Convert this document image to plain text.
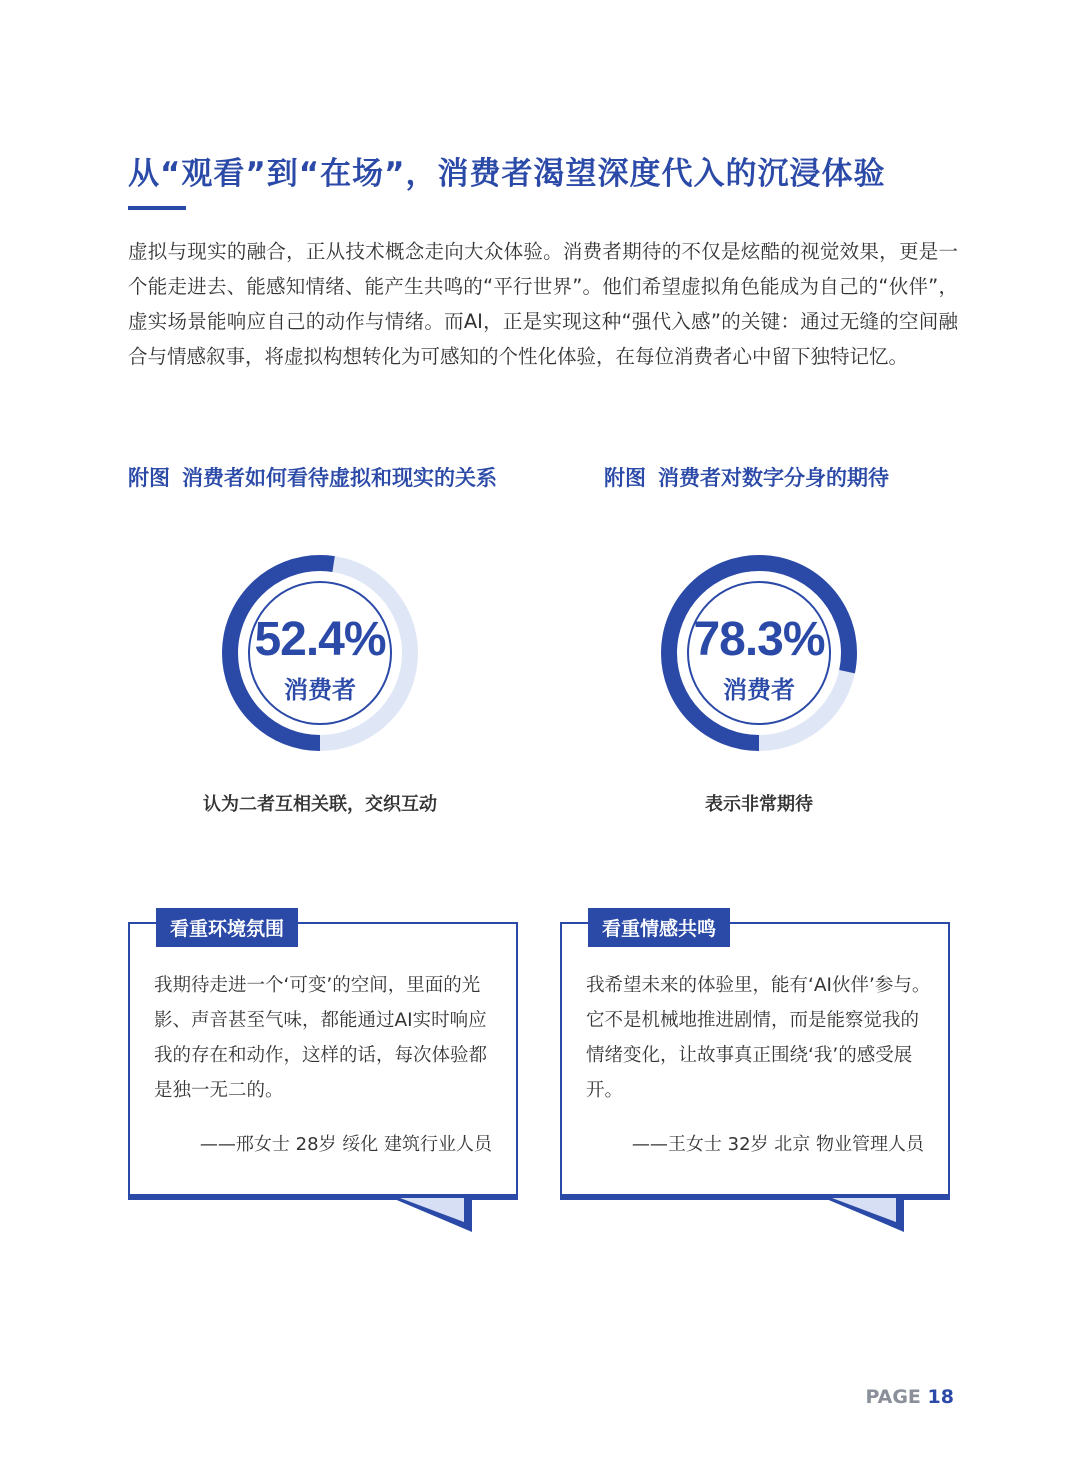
从“观看”到“在场”，消费者渴望深度代入的沉浸体验
虚拟与现实的融合，正从技术概念走向大众体验。消费者期待的不仅是炫酷的视觉效果，更是一个能走进去、能感知情绪、能产生共鸣的“平行世界”。他们希望虚拟角色能成为自己的“伙伴”，虚实场景能响应自己的动作与情绪。而AI，正是实现这种“强代入感”的关键：通过无缝的空间融合与情感叙事，将虚拟构想转化为可感知的个性化体验，在每位消费者心中留下独特记忆。
附图 消费者如何看待虚拟和现实的关系
52.4%
消费者
认为二者互相关联，交织互动
附图 消费者对数字分身的期待
78.3%
消费者
表示非常期待
看重环境氛围
我期待走进一个‘可变’的空间，里面的光影、声音甚至气味，都能通过AI实时响应我的存在和动作，这样的话，每次体验都是独一无二的。
——邢女士 28岁 绥化 建筑行业人员
看重情感共鸣
我希望未来的体验里，能有‘AI伙伴’参与。它不是机械地推进剧情，而是能察觉我的情绪变化，让故事真正围绕‘我’的感受展开。
——王女士 32岁 北京 物业管理人员
PAGE 18
